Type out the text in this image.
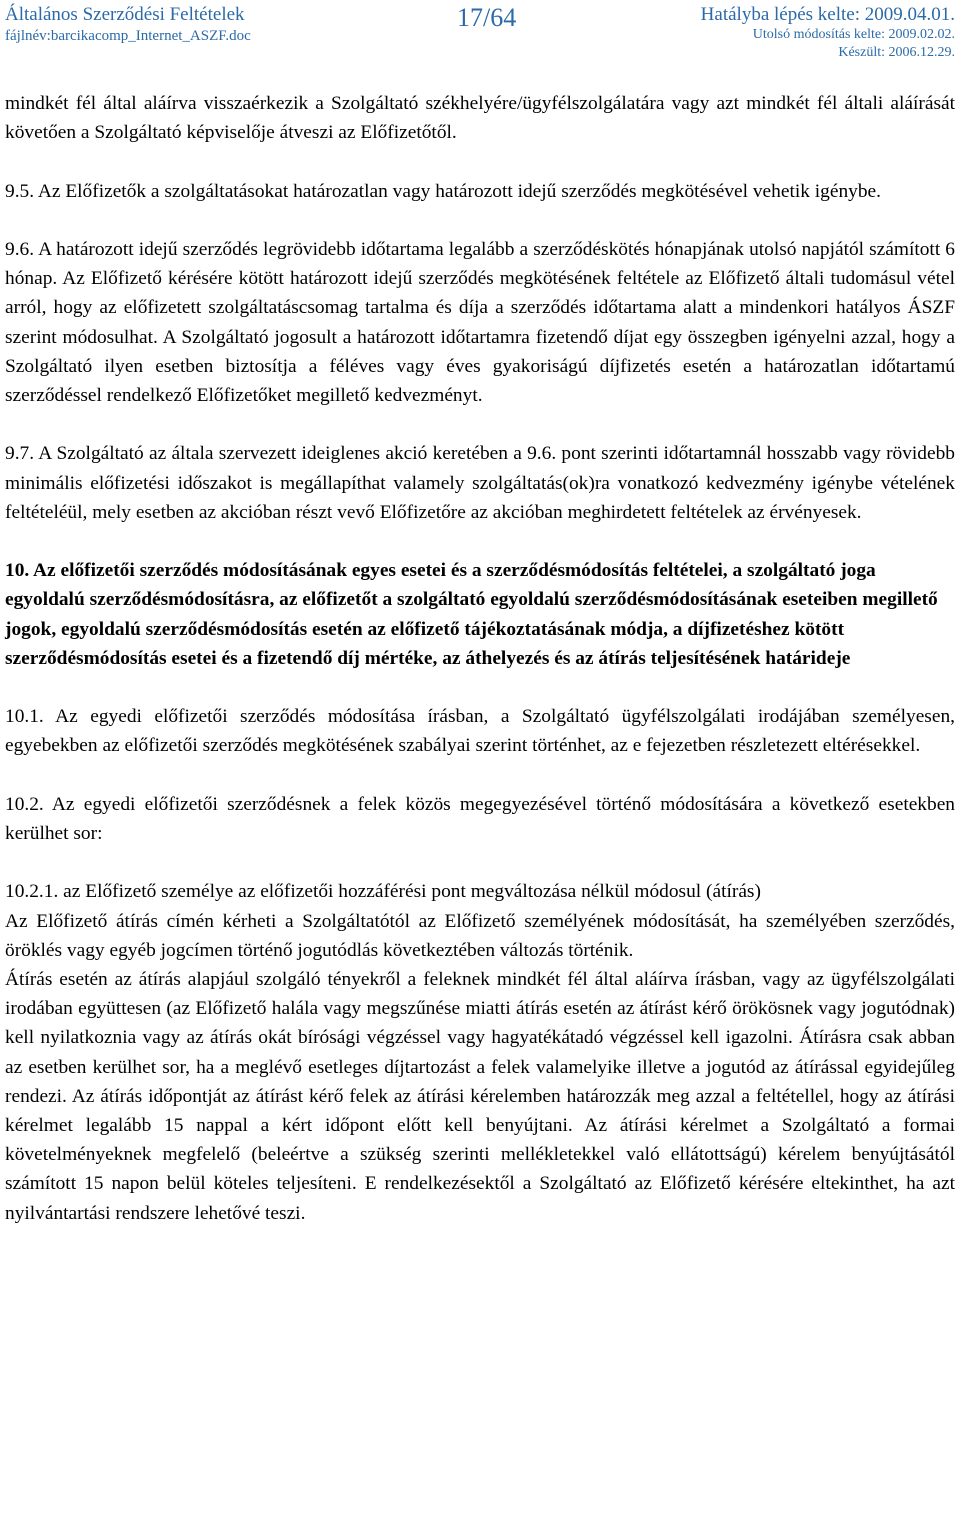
Általános Szerződési Feltételek
fájlnév:barcikacomp_Internet_ASZF.doc
17/64	Hatályba lépés kelte: 2009.04.01.
Utolsó módosítás kelte: 2009.02.02.
Készült: 2006.12.29.

mindkét fél által aláírva visszaérkezik a Szolgáltató székhelyére/ügyfélszolgálatára vagy azt mindkét fél általi aláírását követően a Szolgáltató képviselője átveszi az Előfizetőtől.

9.5. Az Előfizetők a szolgáltatásokat határozatlan vagy határozott idejű szerződés megkötésével vehetik igénybe.

9.6. A határozott idejű szerződés legrövidebb időtartama legalább a szerződéskötés hónapjának utolsó napjától számított 6 hónap. Az Előfizető kérésére kötött határozott idejű szerződés megkötésének feltétele az Előfizető általi tudomásul vétel arról, hogy az előfizetett szolgáltatáscsomag tartalma és díja a szerződés időtartama alatt a mindenkori hatályos ÁSZF szerint módosulhat. A Szolgáltató jogosult a határozott időtartamra fizetendő díjat egy összegben igényelni azzal, hogy a Szolgáltató ilyen esetben biztosítja a féléves vagy éves gyakoriságú díjfizetés esetén a határozatlan időtartamú szerződéssel rendelkező Előfizetőket megillető kedvezményt.

9.7. A Szolgáltató az általa szervezett ideiglenes akció keretében a 9.6. pont szerinti időtartamnál hosszabb vagy rövidebb minimális előfizetési időszakot is megállapíthat valamely szolgáltatás(ok)ra vonatkozó kedvezmény igénybe vételének feltételéül, mely esetben az akcióban részt vevő Előfizetőre az akcióban meghirdetett feltételek az érvényesek.

10. Az előfizetői szerződés módosításának egyes esetei és a szerződésmódosítás feltételei, a szolgáltató joga egyoldalú szerződésmódosításra, az előfizetőt a szolgáltató egyoldalú szerződésmódosításának eseteiben megillető jogok, egyoldalú szerződésmódosítás esetén az előfizető tájékoztatásának módja, a díjfizetéshez kötött szerződésmódosítás esetei és a fizetendő díj mértéke, az áthelyezés és az átírás teljesítésének határideje

10.1. Az egyedi előfizetői szerződés módosítása írásban, a Szolgáltató ügyfélszolgálati irodájában személyesen, egyebekben az előfizetői szerződés megkötésének szabályai szerint történhet, az e fejezetben részletezett eltérésekkel.

10.2. Az egyedi előfizetői szerződésnek a felek közös megegyezésével történő módosítására a következő esetekben kerülhet sor:

10.2.1. az Előfizető személye az előfizetői hozzáférési pont megváltozása nélkül módosul (átírás)

Az Előfizető átírás címén kérheti a Szolgáltatótól az Előfizető személyének módosítását, ha személyében szerződés, öröklés vagy egyéb jogcímen történő jogutódlás következtében változás történik.

Átírás esetén az átírás alapjául szolgáló tényekről a feleknek mindkét fél által aláírva írásban, vagy az ügyfélszolgálati irodában együttesen (az Előfizető halála vagy megszűnése miatti átírás esetén az átírást kérő örökösnek vagy jogutódnak) kell nyilatkoznia vagy az átírás okát bírósági végzéssel vagy hagyatékátadó végzéssel kell igazolni. Átírásra csak abban az esetben kerülhet sor, ha a meglévő esetleges díjtartozást a felek valamelyike illetve a jogutód az átírással egyidejűleg rendezi. Az átírás időpontját az átírást kérő felek az átírási kérelemben határozzák meg azzal a feltétellel, hogy az átírási kérelmet legalább 15 nappal a kért időpont előtt kell benyújtani. Az átírási kérelmet a Szolgáltató a formai követelményeknek megfelelő (beleértve a szükség szerinti mellékletekkel való ellátottságú) kérelem benyújtásától számított 15 napon belül köteles teljesíteni. E rendelkezésektől a Szolgáltató az Előfizető kérésére eltekinthet, ha azt nyilvántartási rendszere lehetővé teszi.
